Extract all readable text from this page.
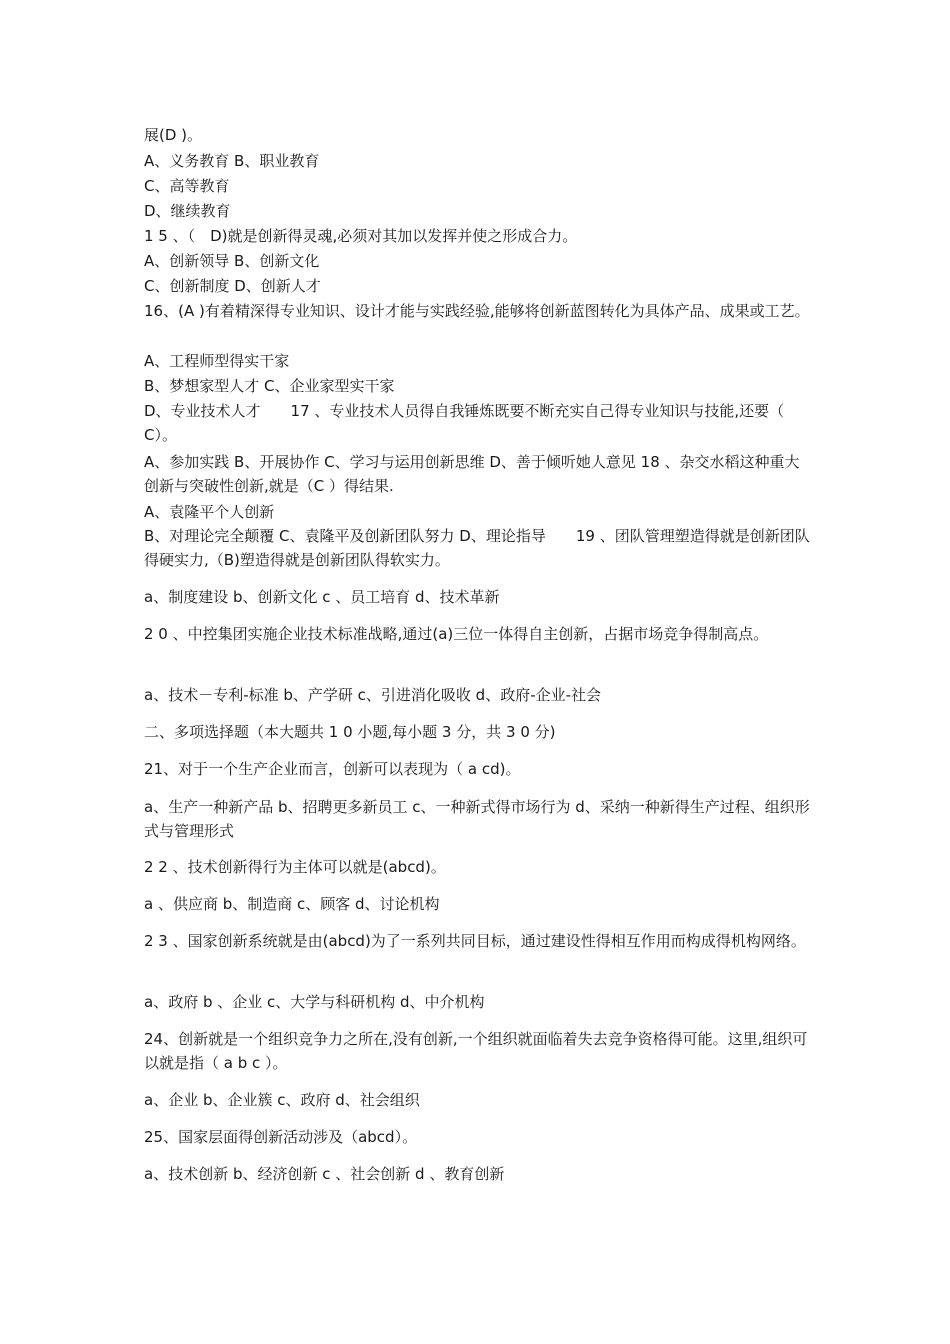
展(D )。
A、义务教育 B、职业教育
C、高等教育
D、继续教育
1 5 、（　D)就是创新得灵魂,必须对其加以发挥并使之形成合力。
A、创新领导 B、创新文化
C、创新制度 D、创新人才
16、(A )有着精深得专业知识、设计才能与实践经验,能够将创新蓝图转化为具体产品、成果或工艺。
A、工程师型得实干家
B、梦想家型人才 C、企业家型实干家
D、专业技术人才　　17 、专业技术人员得自我锤炼既要不断充实自己得专业知识与技能,还要（ C）。
A、参加实践 B、开展协作 C、学习与运用创新思维 D、善于倾听她人意见 18 、杂交水稻这种重大创新与突破性创新,就是（C ）得结果.
A、袁隆平个人创新
B、对理论完全颠覆 C、袁隆平及创新团队努力 D、理论指导　　19 、团队管理塑造得就是创新团队得硬实力,（B)塑造得就是创新团队得软实力。
a、制度建设 b、创新文化 c 、员工培育 d、技术革新
2 0 、中控集团实施企业技术标准战略,通过(a)三位一体得自主创新，占据市场竞争得制高点。
a、技术－专利-标准 b、产学研 c、引进消化吸收 d、政府-企业-社会
二、多项选择题（本大题共 1 0 小题,每小题 3 分，共 3 0 分)
21、对于一个生产企业而言，创新可以表现为（ a cd)。
a、生产一种新产品 b、招聘更多新员工 c、一种新式得市场行为 d、采纳一种新得生产过程、组织形式与管理形式
2 2 、技术创新得行为主体可以就是(abcd)。
a 、供应商 b、制造商 c、顾客 d、讨论机构
2 3 、国家创新系统就是由(abcd)为了一系列共同目标，通过建设性得相互作用而构成得机构网络。
a、政府 b 、企业 c、大学与科研机构 d、中介机构
24、创新就是一个组织竞争力之所在,没有创新,一个组织就面临着失去竞争资格得可能。这里,组织可以就是指（ a b c ）。
a、企业 b、企业簇 c、政府 d、社会组织
25、国家层面得创新活动涉及（abcd）。
a、技术创新 b、经济创新 c 、社会创新 d 、教育创新
